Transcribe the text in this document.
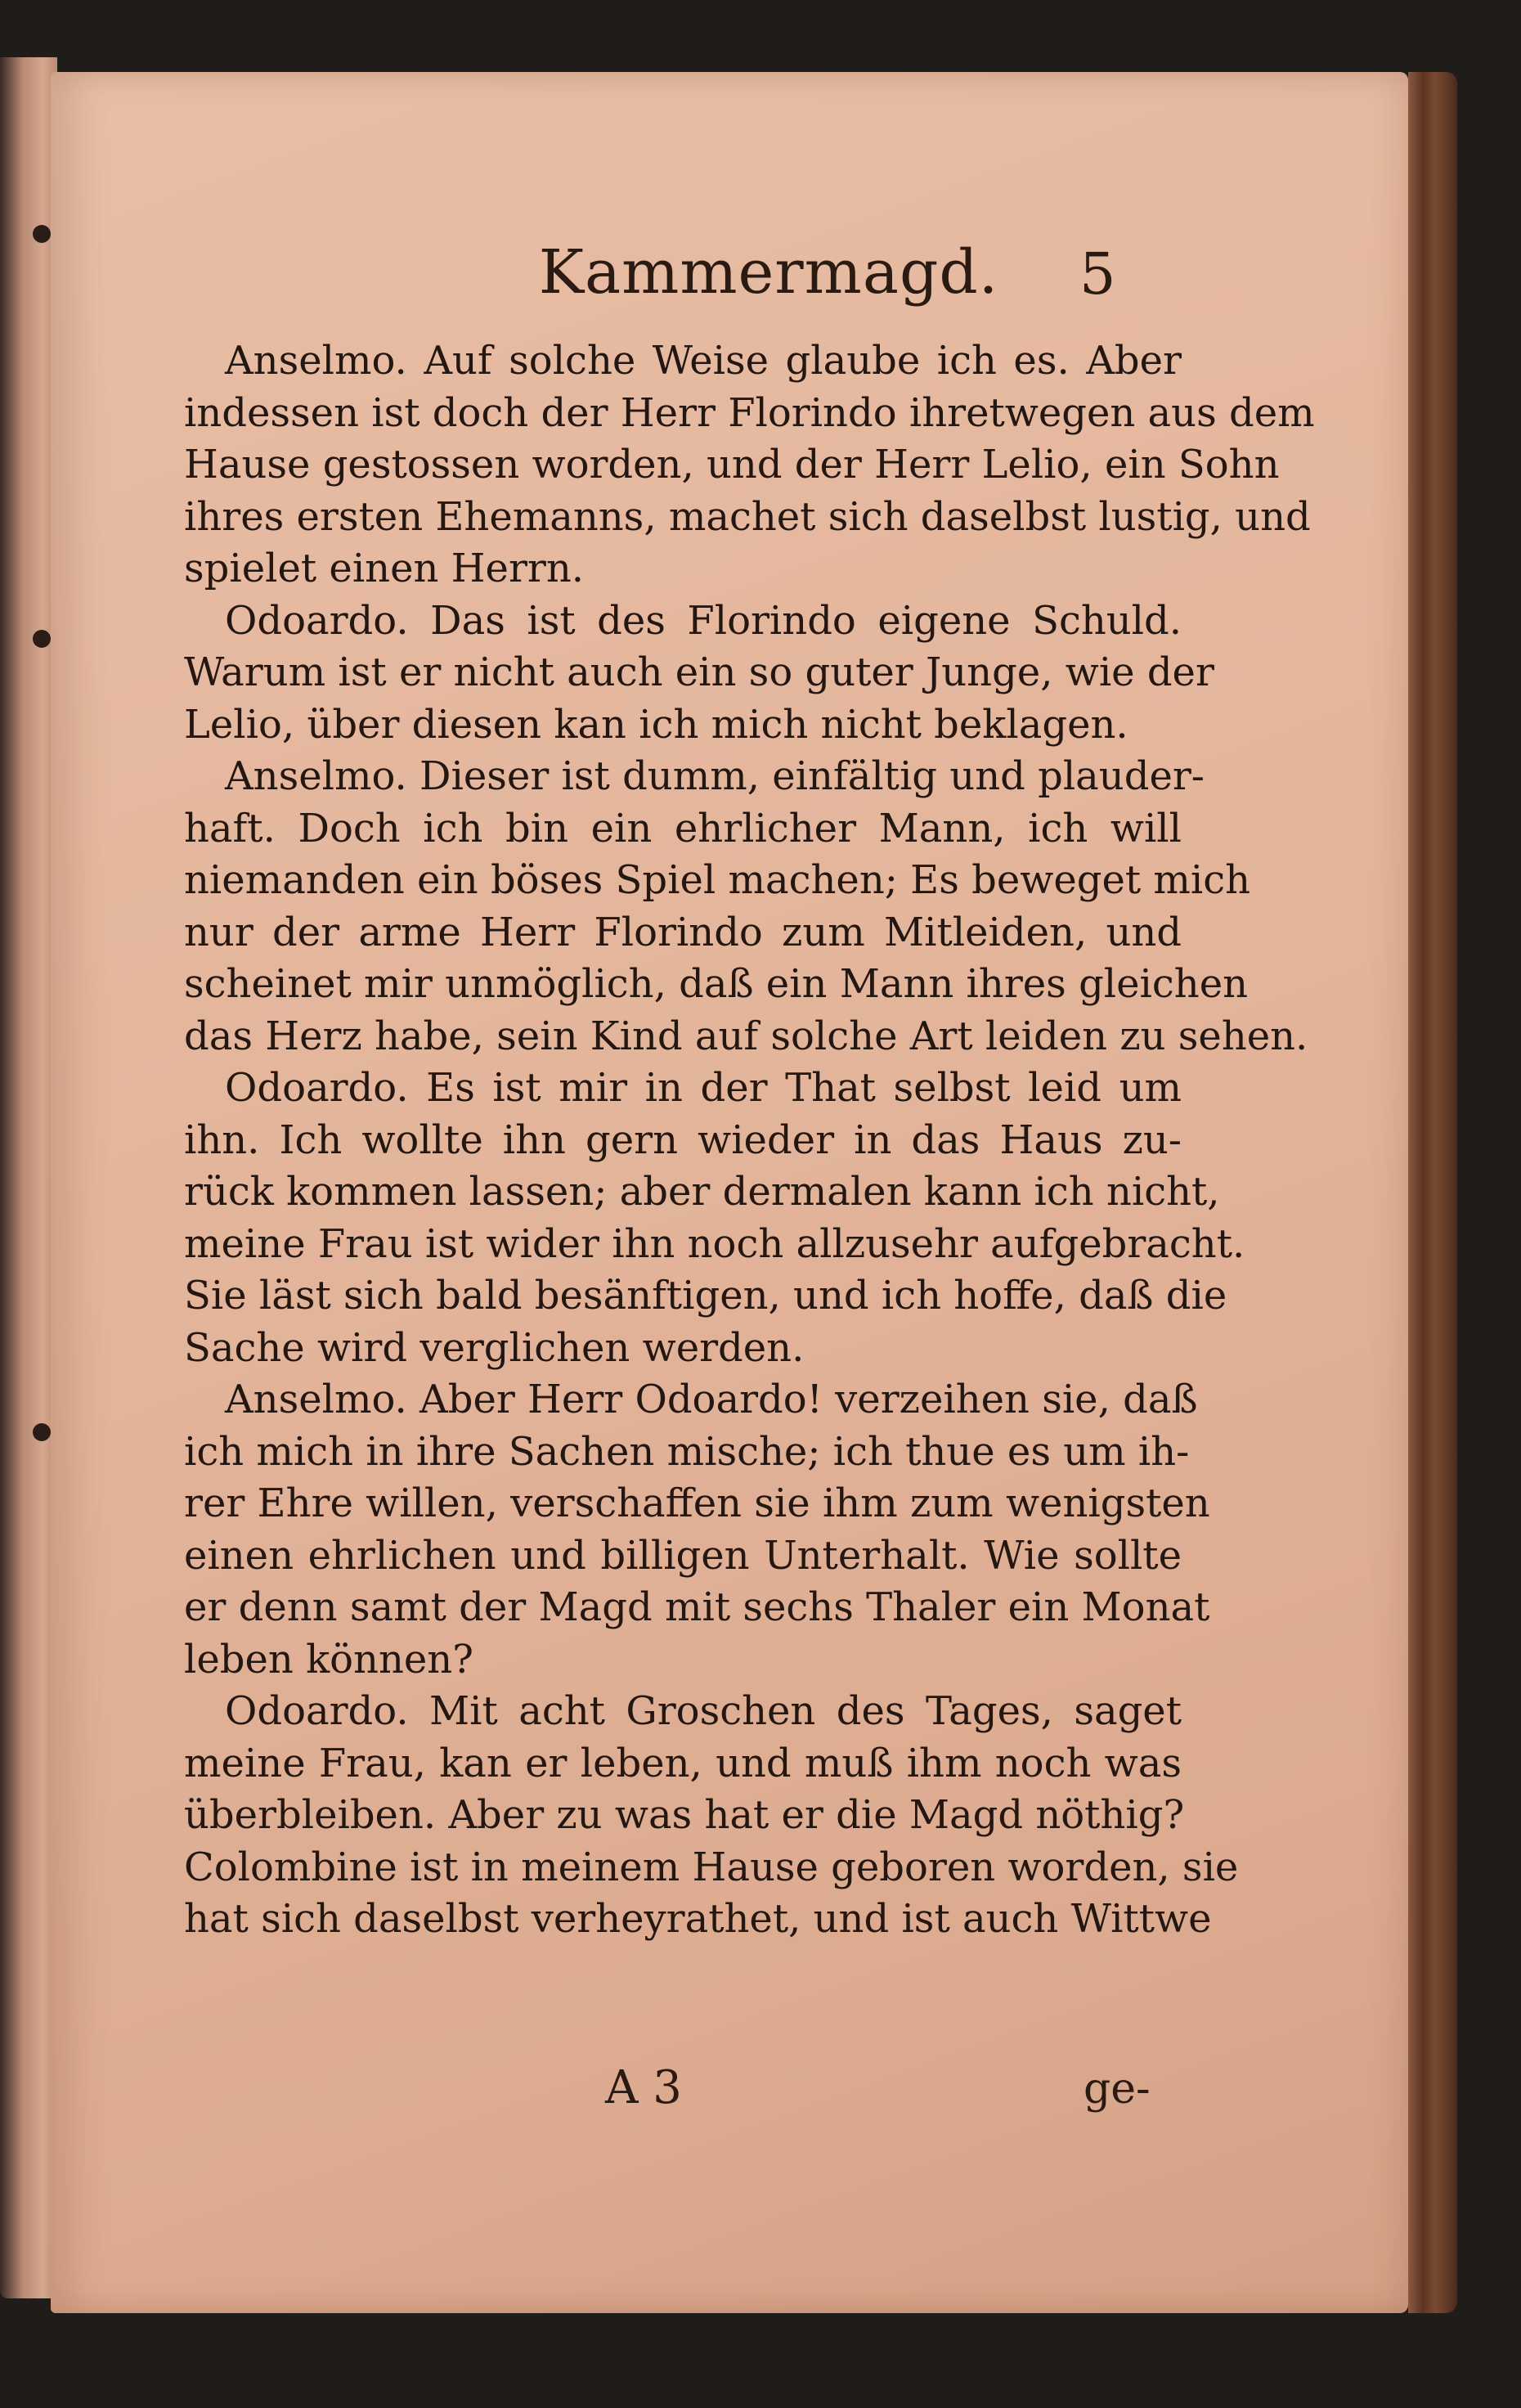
Kammermagd. 5
Anselmo. Auf solche Weise glaube ich es. Aber
indessen ist doch der Herr Florindo ihretwegen aus dem
Hause gestossen worden, und der Herr Lelio, ein Sohn
ihres ersten Ehemanns, machet sich daselbst lustig, und
spielet einen Herrn.
Odoardo. Das ist des Florindo eigene Schuld.
Warum ist er nicht auch ein so guter Junge, wie der
Lelio, über diesen kan ich mich nicht beklagen.
Anselmo. Dieser ist dumm, einfältig und plauder-
haft. Doch ich bin ein ehrlicher Mann, ich will
niemanden ein böses Spiel machen; Es beweget mich
nur der arme Herr Florindo zum Mitleiden, und
scheinet mir unmöglich, daß ein Mann ihres gleichen
das Herz habe, sein Kind auf solche Art leiden zu sehen.
Odoardo. Es ist mir in der That selbst leid um
ihn. Ich wollte ihn gern wieder in das Haus zu-
rück kommen lassen; aber dermalen kann ich nicht,
meine Frau ist wider ihn noch allzusehr aufgebracht.
Sie läst sich bald besänftigen, und ich hoffe, daß die
Sache wird verglichen werden.
Anselmo. Aber Herr Odoardo! verzeihen sie, daß
ich mich in ihre Sachen mische; ich thue es um ih-
rer Ehre willen, verschaffen sie ihm zum wenigsten
einen ehrlichen und billigen Unterhalt. Wie sollte
er denn samt der Magd mit sechs Thaler ein Monat
leben können?
Odoardo. Mit acht Groschen des Tages, saget
meine Frau, kan er leben, und muß ihm noch was
überbleiben. Aber zu was hat er die Magd nöthig?
Colombine ist in meinem Hause geboren worden, sie
hat sich daselbst verheyrathet, und ist auch Wittwe
A 3	ge-
